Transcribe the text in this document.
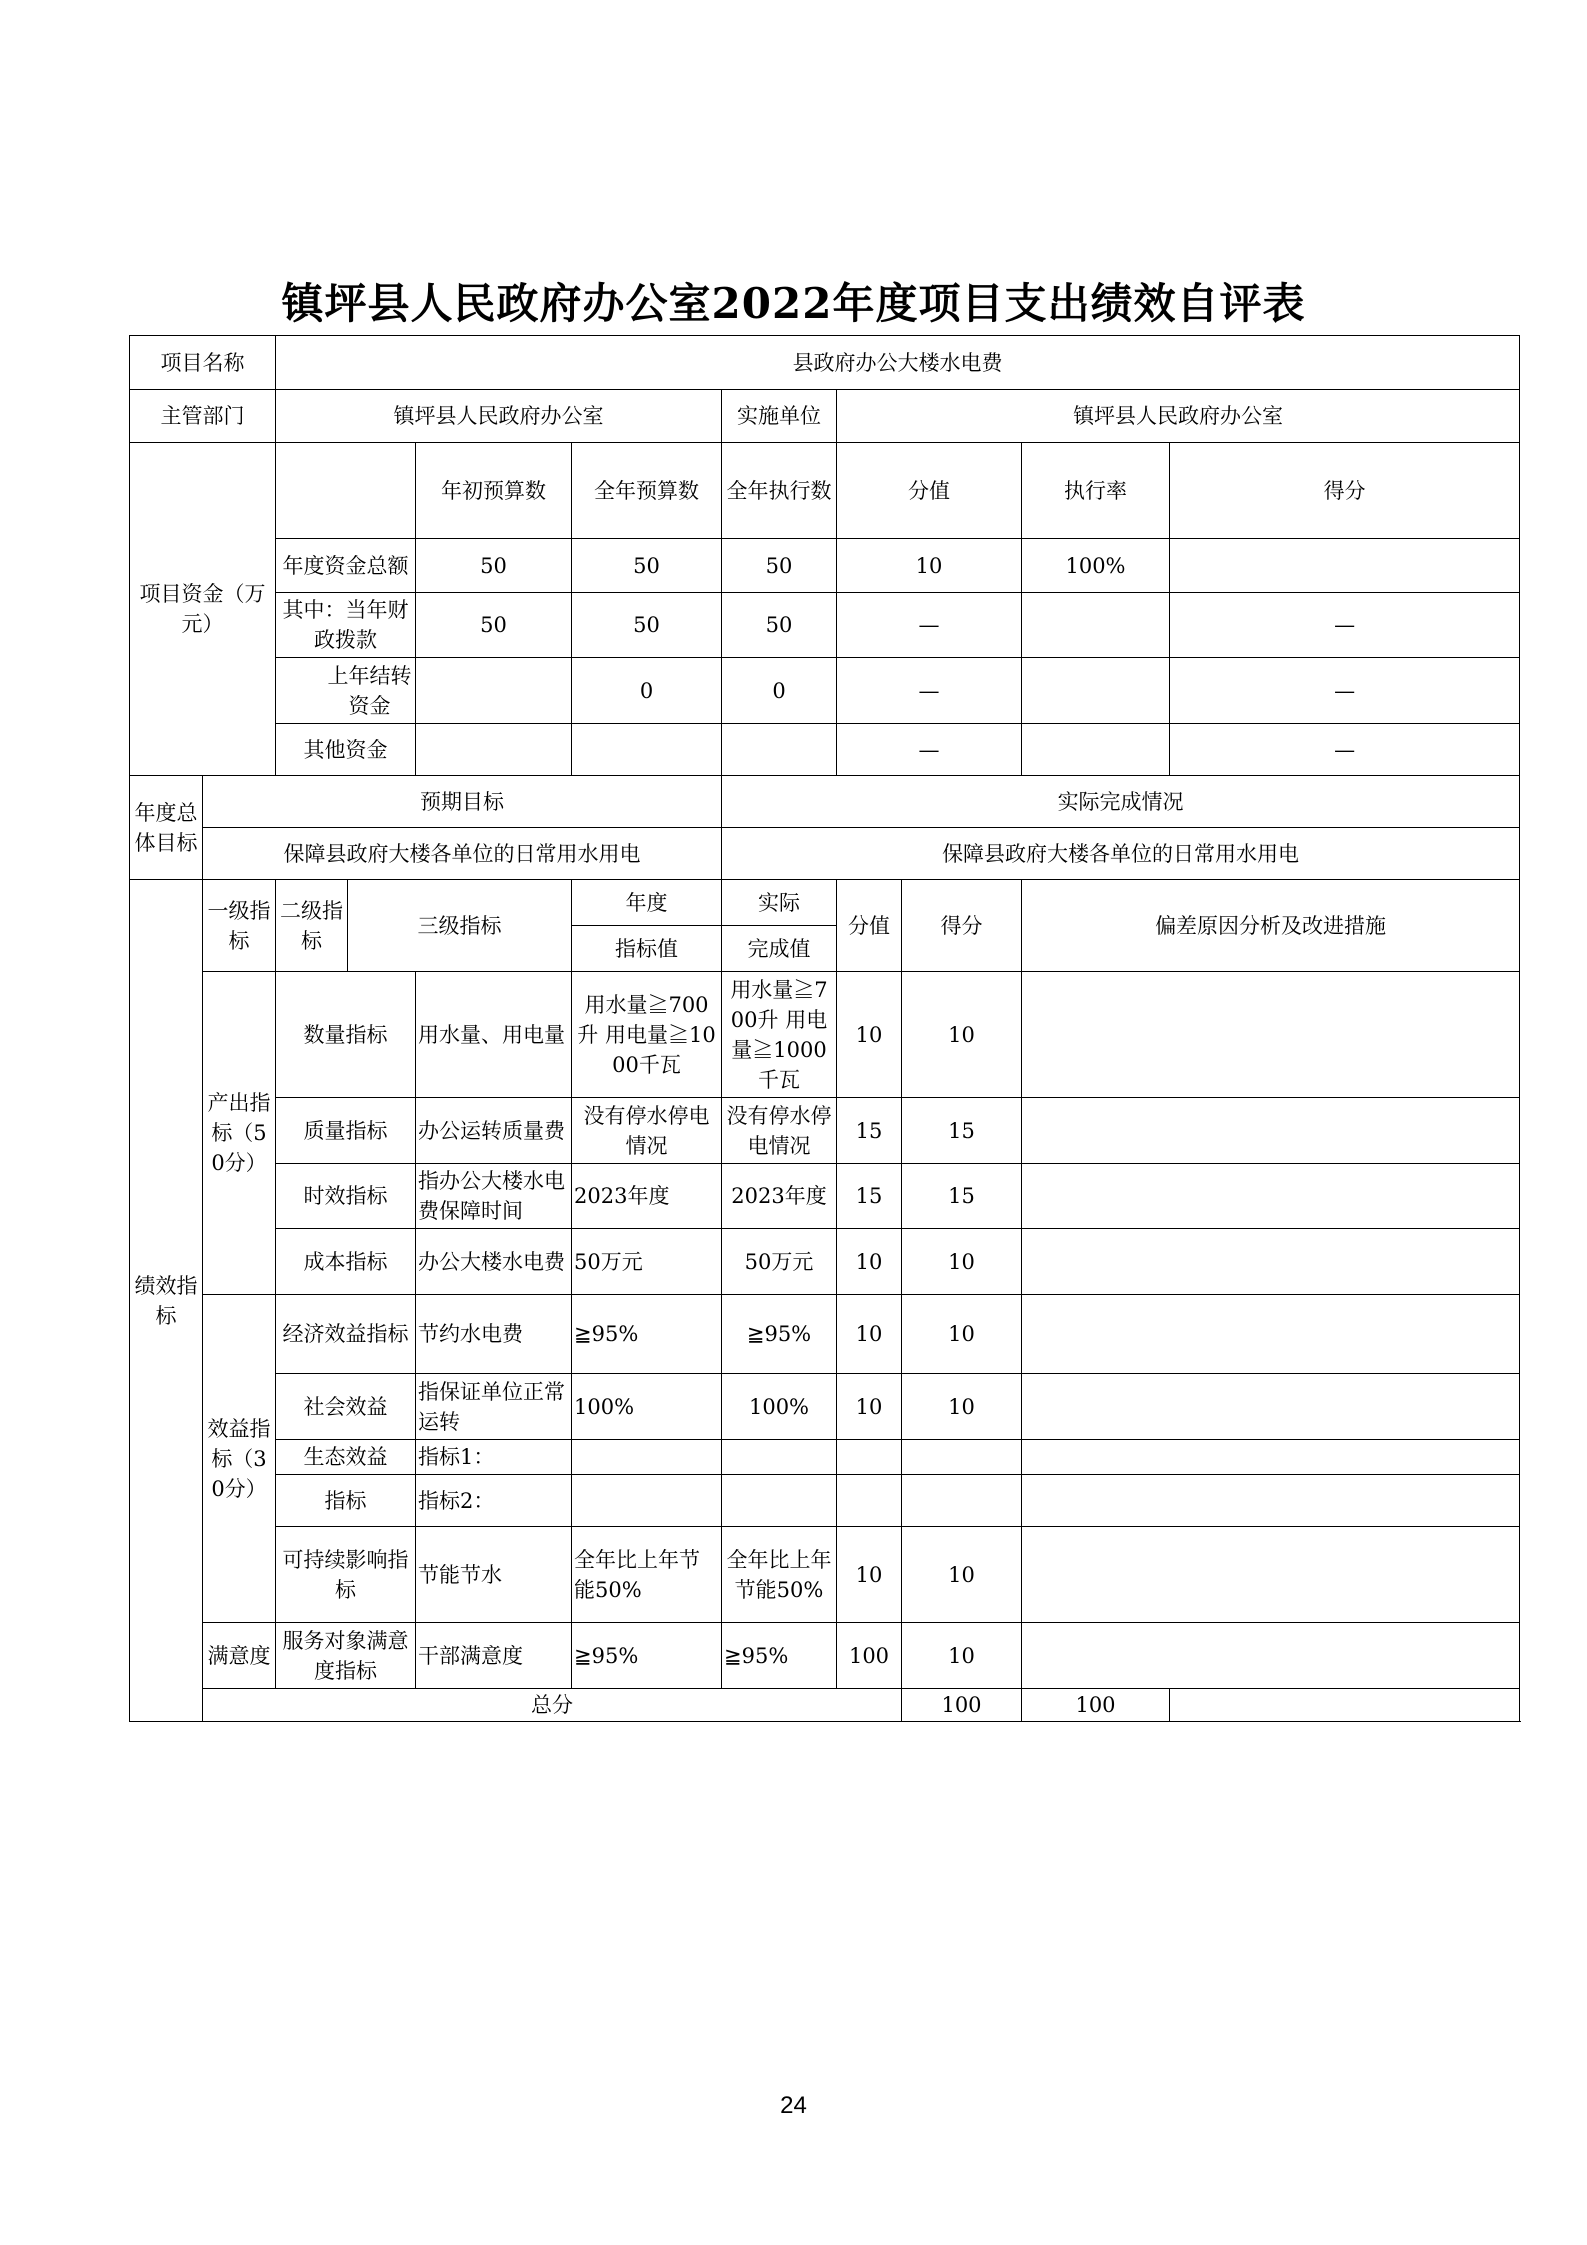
镇坪县人民政府办公室2022年度项目支出绩效自评表
项目名称		县政府办公大楼水电费								
主管部门		镇坪县人民政府办公室				实施单位	镇坪县人民政府办公室			
项目资金（万元）				年初预算数	全年预算数	全年执行数	分值		执行率	得分
		年度资金总额		50	50	50	10		100%	
		其中：当年财政拨款		50	50	50	—			—
		上年结转资金			0	0	—			—
		其他资金					—			—
年度总体目标	预期目标					实际完成情况				
	保障县政府大楼各单位的日常用水用电					保障县政府大楼各单位的日常用水用电				
绩效指标	一级指标	二级指标	三级指标		年度	实际	分值	得分	偏差原因分析及改进措施	
					指标值	完成值				
	产出指标（50分）	数量指标		用水量、用电量	用水量≧700升 用电量≧1000千瓦	用水量≧700升 用电量≧1000千瓦	10	10		
		质量指标		办公运转质量费	没有停水停电情况	没有停水停电情况	15	15		
		时效指标		指办公大楼水电费保障时间	2023年度	2023年度	15	15		
		成本指标		办公大楼水电费	50万元	50万元	10	10		
	效益指标（30分）	经济效益指标		节约水电费	≧95%	≧95%	10	10		
		社会效益		指保证单位正常运转	100%	100%	10	10		
		生态效益		指标1：						
		指标		指标2：						
		可持续影响指标		节能节水	全年比上年节能50%	全年比上年节能50%	10	10		
	满意度	服务对象满意度指标		干部满意度	≧95%	≧95%	100	10		
	总分							100	100	
24
